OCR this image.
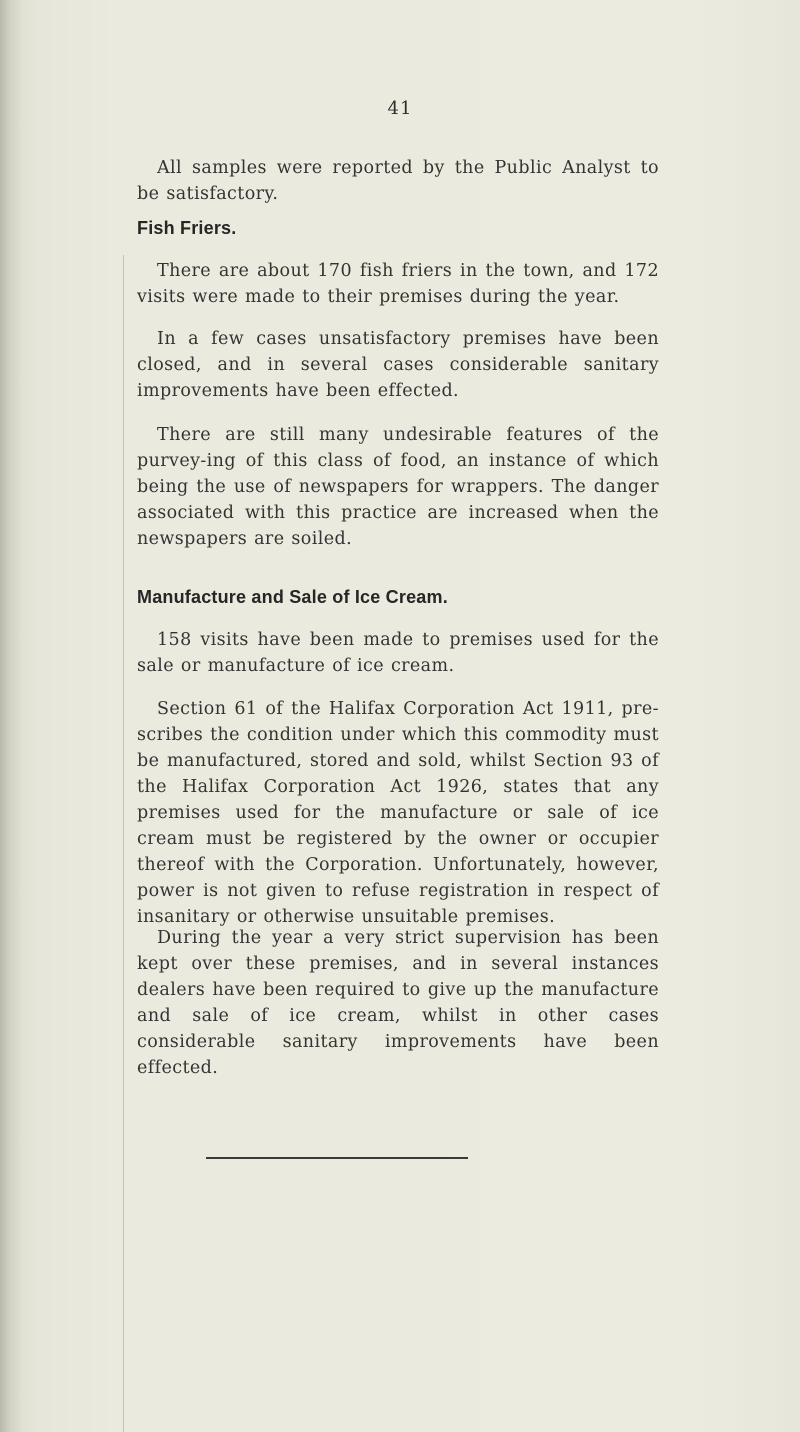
41

All samples were reported by the Public Analyst to be satisfactory.

Fish Friers.

There are about 170 fish friers in the town, and 172 visits were made to their premises during the year.

In a few cases unsatisfactory premises have been closed, and in several cases considerable sanitary improvements have been effected.

There are still many undesirable features of the purvey-ing of this class of food, an instance of which being the use of newspapers for wrappers. The danger associated with this practice are increased when the newspapers are soiled.

Manufacture and Sale of Ice Cream.

158 visits have been made to premises used for the sale or manufacture of ice cream.

Section 61 of the Halifax Corporation Act 1911, pre-scribes the condition under which this commodity must be manufactured, stored and sold, whilst Section 93 of the Halifax Corporation Act 1926, states that any premises used for the manufacture or sale of ice cream must be registered by the owner or occupier thereof with the Corporation. Unfortunately, however, power is not given to refuse registration in respect of insanitary or otherwise unsuitable premises.

During the year a very strict supervision has been kept over these premises, and in several instances dealers have been required to give up the manufacture and sale of ice cream, whilst in other cases considerable sanitary improvements have been effected.
